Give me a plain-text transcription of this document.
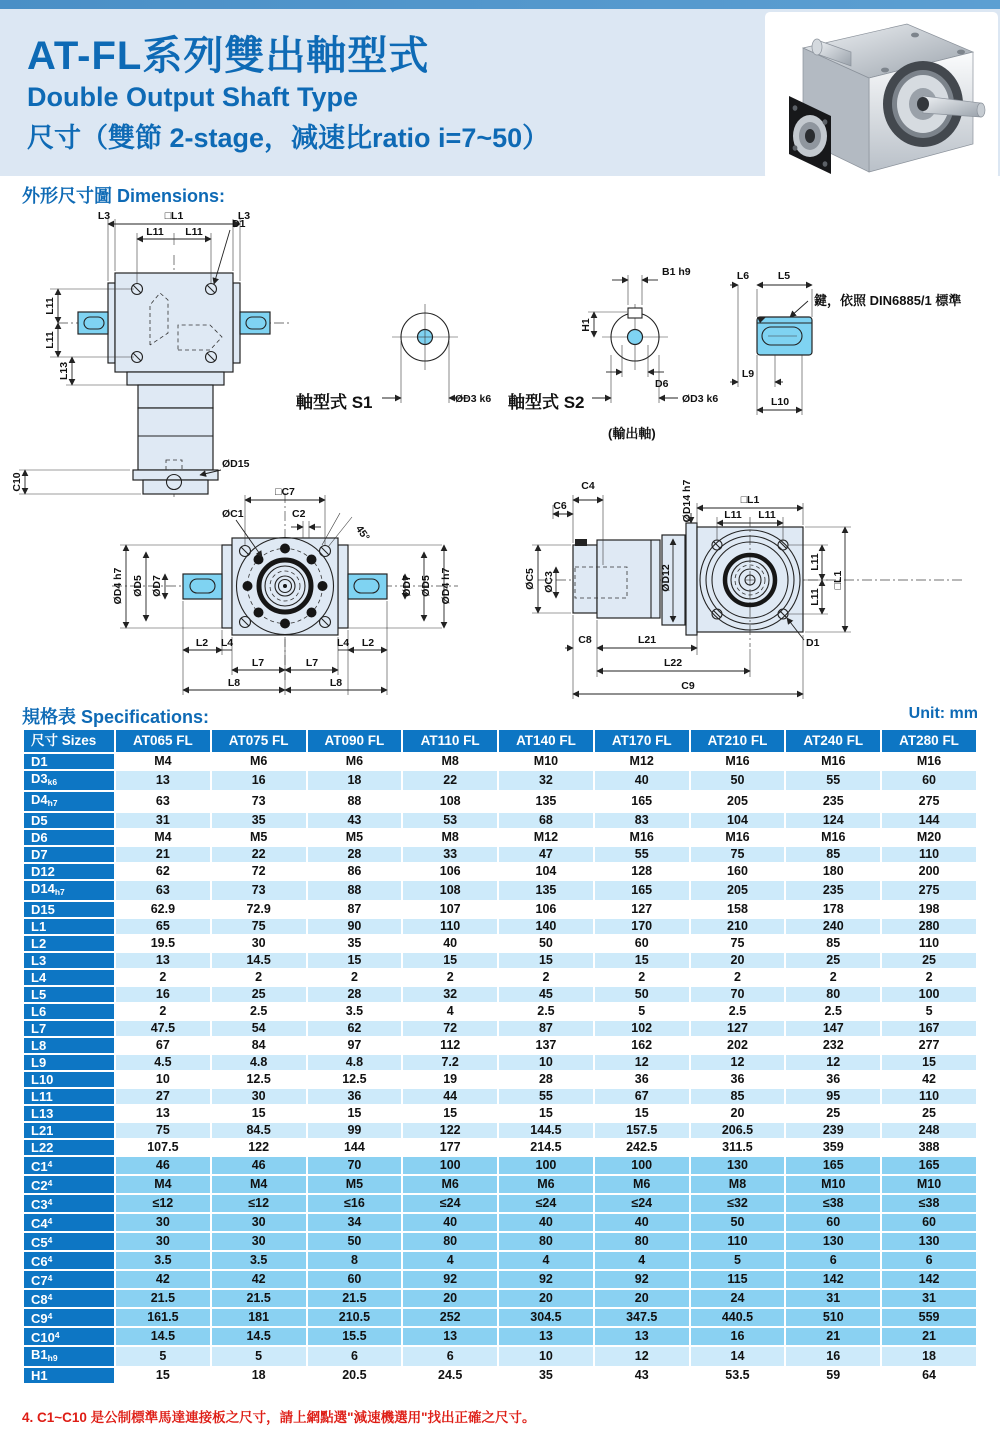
AT-FL系列雙出軸型式
Double Output Shaft Type
尺寸（雙節 2-stage，减速比ratio i=7~50）
外形尺寸圖 Dimensions:
L3	□L1	L3
L11 L11
D1
L11
L11
L13
C10
ØD15
軸型式 S1	ØD3 k6
B1 h9
H1
D6
軸型式 S2	ØD3 k6
(輸出軸)
L6	L5
鍵，依照 DIN6885/1 標準
L9
L10
□C7
ØC1	C2
45°
ØD4 h7 ØD5 ØD7	ØD7 ØD5 ØD4 h7
L2 L4	L4 L2
L7	L7
L8	L8
C4
C6	ØD14 h7	□L1
L11 L11
L11
L11
□L1
D1
ØC5 ØC3	ØD12
C8	L21
L22
C9
規格表 Specifications:	Unit: mm
尺寸 Sizes	AT065 FL	AT075 FL	AT090 FL	AT110 FL	AT140 FL	AT170 FL	AT210 FL	AT240 FL	AT280 FL
D1	M4	M6	M6	M8	M10	M12	M16	M16	M16
$D3_{k6}$	13	16	18	22	32	40	50	55	60
$D4_{h7}$	63	73	88	108	135	165	205	235	275
D5	31	35	43	53	68	83	104	124	144
D6	M4	M5	M5	M8	M12	M16	M16	M16	M20
D7	21	22	28	33	47	55	75	85	110
D12	62	72	86	106	104	128	160	180	200
$D14_{h7}$	63	73	88	108	135	165	205	235	275
D15	62.9	72.9	87	107	106	127	158	178	198
L1	65	75	90	110	140	170	210	240	280
L2	19.5	30	35	40	50	60	75	85	110
L3	13	14.5	15	15	15	15	20	25	25
L4	2	2	2	2	2	2	2	2	2
L5	16	25	28	32	45	50	70	80	100
L6	2	2.5	3.5	4	2.5	5	2.5	2.5	5
L7	47.5	54	62	72	87	102	127	147	167
L8	67	84	97	112	137	162	202	232	277
L9	4.5	4.8	4.8	7.2	10	12	12	12	15
L10	10	12.5	12.5	19	28	36	36	36	42
L11	27	30	36	44	55	67	85	95	110
L13	13	15	15	15	15	15	20	25	25
L21	75	84.5	99	122	144.5	157.5	206.5	239	248
L22	107.5	122	144	177	214.5	242.5	311.5	359	388
$C1^4$	46	46	70	100	100	100	130	165	165
$C2^4$	M4	M4	M5	M6	M6	M6	M8	M10	M10
$C3^4$	≤12	≤12	≤16	≤24	≤24	≤24	≤32	≤38	≤38
$C4^4$	30	30	34	40	40	40	50	60	60
$C5^4$	30	30	50	80	80	80	110	130	130
$C6^4$	3.5	3.5	8	4	4	4	5	6	6
$C7^4$	42	42	60	92	92	92	115	142	142
$C8^4$	21.5	21.5	21.5	20	20	20	24	31	31
$C9^4$	161.5	181	210.5	252	304.5	347.5	440.5	510	559
$C10^4$	14.5	14.5	15.5	13	13	13	16	21	21
$B1_{h9}$	5	5	6	6	10	12	14	16	18
H1	15	18	20.5	24.5	35	43	53.5	59	64
4. C1~C10 是公制標準馬達連接板之尺寸，請上網點選"減速機選用"找出正確之尺寸。
